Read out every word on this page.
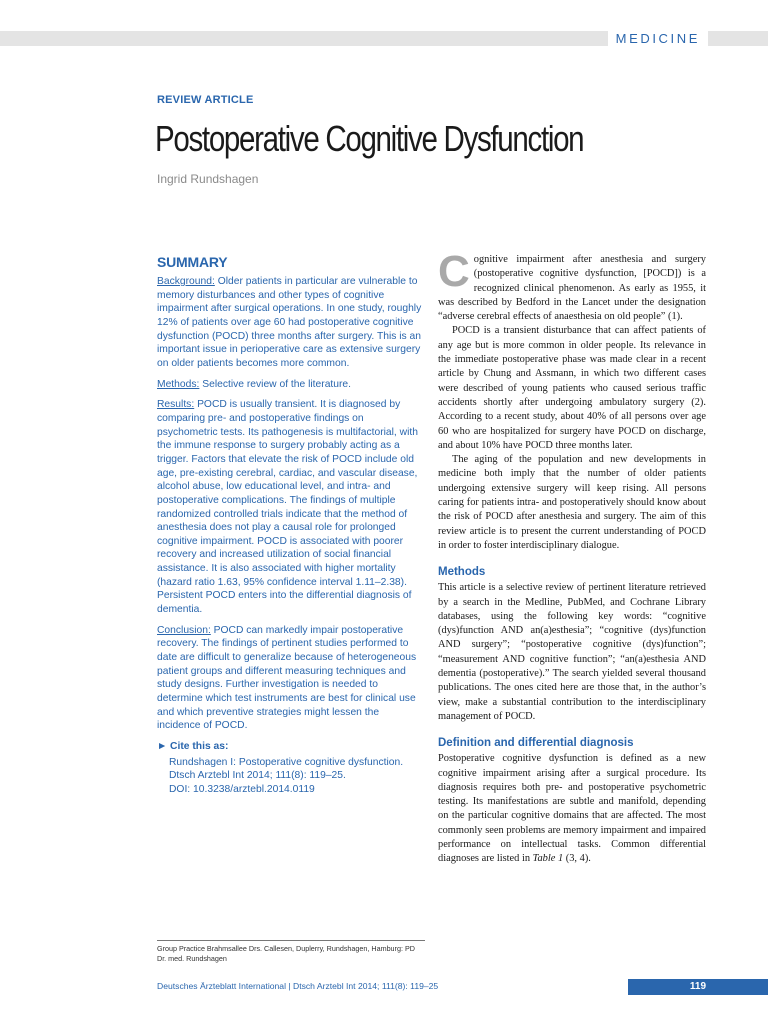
MEDICINE
REVIEW ARTICLE
Postoperative Cognitive Dysfunction
Ingrid Rundshagen
SUMMARY

Background: Older patients in particular are vulnerable to memory disturbances and other types of cognitive impairment after surgical operations. In one study, roughly 12% of patients over age 60 had postoperative cognitive dysfunction (POCD) three months after surgery. This is an important issue in perioperative care as extensive surgery on older patients becomes more common.

Methods: Selective review of the literature.

Results: POCD is usually transient. It is diagnosed by comparing pre- and postoperative findings on psychometric tests. Its pathogenesis is multifactorial, with the immune response to surgery probably acting as a trigger. Factors that elevate the risk of POCD include old age, pre-existing cerebral, cardiac, and vascular disease, alcohol abuse, low educational level, and intra- and postoperative complications. The findings of multiple randomized controlled trials indicate that the method of anesthesia does not play a causal role for prolonged cognitive impairment. POCD is associated with poorer recovery and increased utilization of social financial assistance. It is also associated with higher mortality (hazard ratio 1.63, 95% confidence interval 1.11–2.38). Persistent POCD enters into the differential diagnosis of dementia.

Conclusion: POCD can markedly impair postoperative recovery. The findings of pertinent studies performed to date are difficult to generalize because of heterogeneous patient groups and different measuring techniques and study designs. Further investigation is needed to determine which test instruments are best for clinical use and which preventive strategies might lessen the incidence of POCD.

► Cite this as:
Rundshagen I: Postoperative cognitive dysfunction.
Dtsch Arztebl Int 2014; 111(8): 119–25.
DOI: 10.3238/arztebl.2014.0119
Group Practice Brahmsallee Drs. Callesen, Duplerry, Rundshagen, Hamburg: PD Dr. med. Rundshagen

Cognitive impairment after anesthesia and surgery (postoperative cognitive dysfunction, [POCD]) is a recognized clinical phenomenon. As early as 1955, it was described by Bedford in the Lancet under the designation “adverse cerebral effects of anaesthesia on old people” (1).

POCD is a transient disturbance that can affect patients of any age but is more common in older people. Its relevance in the immediate postoperative phase was made clear in a recent article by Chung and Assmann, in which two different cases were described of young patients who caused serious traffic accidents shortly after undergoing ambulatory surgery (2). According to a recent study, about 40% of all persons over age 60 who are hospitalized for surgery have POCD on discharge, and about 10% have POCD three months later.

The aging of the population and new developments in medicine both imply that the number of older patients undergoing extensive surgery will keep rising. All persons caring for patients intra- and postoperatively should know about the risk of POCD after anesthesia and surgery. The aim of this review article is to present the current understanding of POCD in order to foster interdisciplinary dialogue.

Methods

This article is a selective review of pertinent literature retrieved by a search in the Medline, PubMed, and Cochrane Library databases, using the following key words: “cognitive (dys)function AND an(a)esthesia”; “cognitive (dys)function AND surgery”; “postoperative cognitive (dys)function”; “measurement AND cognitive function”; “an(a)esthesia AND dementia (postoperative).” The search yielded several thousand publications. The ones cited here are those that, in the author’s view, make a substantial contribution to the interdisciplinary management of POCD.

Definition and differential diagnosis

Postoperative cognitive dysfunction is defined as a new cognitive impairment arising after a surgical procedure. Its diagnosis requires both pre- and postoperative psychometric testing. Its manifestations are subtle and manifold, depending on the particular cognitive domains that are affected. The most commonly seen problems are memory impairment and impaired performance on intellectual tasks. Common differential diagnoses are listed in Table 1 (3, 4).

Deutsches Ärzteblatt International | Dtsch Arztebl Int 2014; 111(8): 119–25	119
